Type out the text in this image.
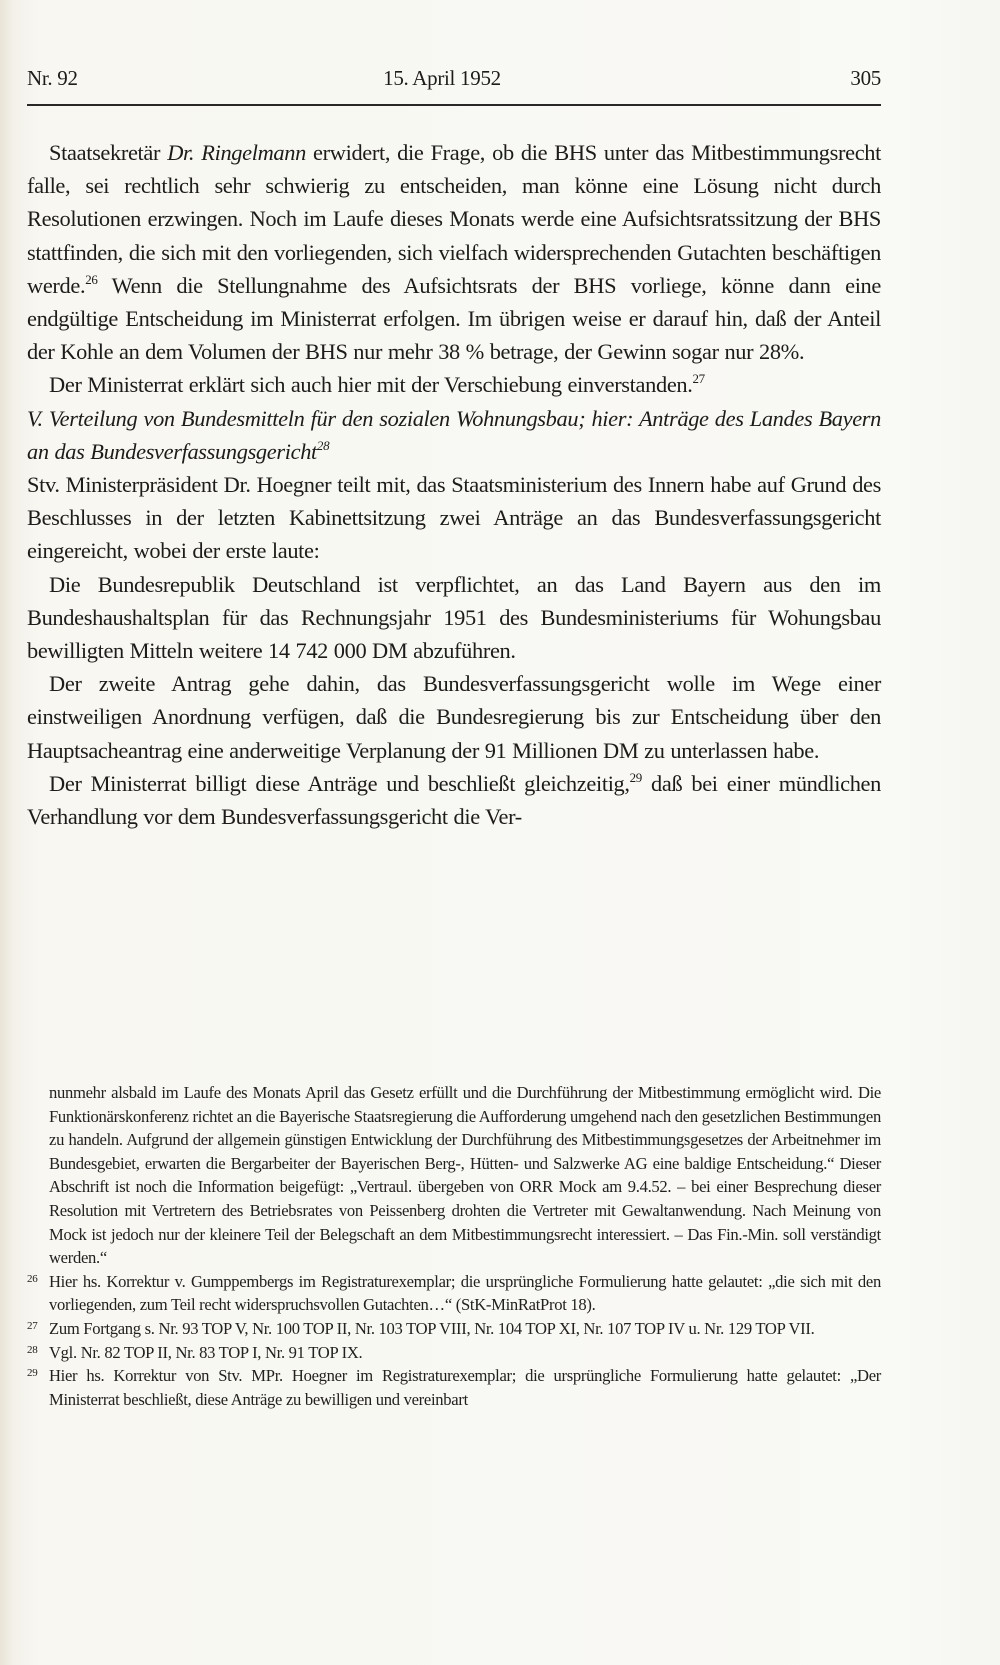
Nr. 92	15. April 1952	305

 Staatsekretär Dr. Ringelmann erwidert, die Frage, ob die BHS unter das Mitbestimmungsrecht falle, sei rechtlich sehr schwierig zu entscheiden, man könne eine Lösung nicht durch Resolutionen erzwingen. Noch im Laufe dieses Monats werde eine Aufsichtsratssitzung der BHS stattfinden, die sich mit den vorliegenden, sich vielfach widersprechenden Gutachten beschäftigen werde.$^{26}$ Wenn die Stellungnahme des Aufsichtsrats der BHS vorliege, könne dann eine endgültige Entscheidung im Ministerrat erfolgen. Im übrigen weise er darauf hin, daß der Anteil der Kohle an dem Volumen der BHS nur mehr 38 % betrage, der Gewinn sogar nur 28%.

 Der Ministerrat erklärt sich auch hier mit der Verschiebung einverstanden.$^{27}$

V. Verteilung von Bundesmitteln für den sozialen Wohnungsbau; hier: Anträge des Landes Bayern an das Bundesverfassungsgericht$^{28}$

Stv. Ministerpräsident Dr. Hoegner teilt mit, das Staatsministerium des Innern habe auf Grund des Beschlusses in der letzten Kabinettsitzung zwei Anträge an das Bundesverfassungsgericht eingereicht, wobei der erste laute:

 Die Bundesrepublik Deutschland ist verpflichtet, an das Land Bayern aus den im Bundeshaushaltsplan für das Rechnungsjahr 1951 des Bundesministeriums für Wohungsbau bewilligten Mitteln weitere 14 742 000 DM abzuführen.

 Der zweite Antrag gehe dahin, das Bundesverfassungsgericht wolle im Wege einer einstweiligen Anordnung verfügen, daß die Bundesregierung bis zur Entscheidung über den Hauptsacheantrag eine anderweitige Verplanung der 91 Millionen DM zu unterlassen habe.

 Der Ministerrat billigt diese Anträge und beschließt gleichzeitig,$^{29}$ daß bei einer mündlichen Verhandlung vor dem Bundesverfassungsgericht die Ver-

nunmehr alsbald im Laufe des Monats April das Gesetz erfüllt und die Durchführung der Mitbestimmung ermöglicht wird. Die Funktionärskonferenz richtet an die Bayerische Staatsregierung die Aufforderung umgehend nach den gesetzlichen Bestimmungen zu handeln. Aufgrund der allgemein günstigen Entwicklung der Durchführung des Mitbestimmungsgesetzes der Arbeitnehmer im Bundesgebiet, erwarten die Bergarbeiter der Bayerischen Berg-, Hütten- und Salzwerke AG eine baldige Entscheidung.“ Dieser Abschrift ist noch die Information beigefügt: „Vertraul. übergeben von ORR Mock am 9.4.52. – bei einer Besprechung dieser Resolution mit Vertretern des Betriebsrates von Peissenberg drohten die Vertreter mit Gewaltanwendung. Nach Meinung von Mock ist jedoch nur der kleinere Teil der Belegschaft an dem Mitbestimmungsrecht interessiert. – Das Fin.-Min. soll verständigt werden.“

26 Hier hs. Korrektur v. Gumppembergs im Registraturexemplar; die ursprüngliche Formulierung hatte gelautet: „die sich mit den vorliegenden, zum Teil recht widerspruchsvollen Gutachten…“ (StK-MinRatProt 18).

27 Zum Fortgang s. Nr. 93 TOP V, Nr. 100 TOP II, Nr. 103 TOP VIII, Nr. 104 TOP XI, Nr. 107 TOP IV u. Nr. 129 TOP VII.

28 Vgl. Nr. 82 TOP II, Nr. 83 TOP I, Nr. 91 TOP IX.

29 Hier hs. Korrektur von Stv. MPr. Hoegner im Registraturexemplar; die ursprüngliche Formulierung hatte gelautet: „Der Ministerrat beschließt, diese Anträge zu bewilligen und vereinbart
